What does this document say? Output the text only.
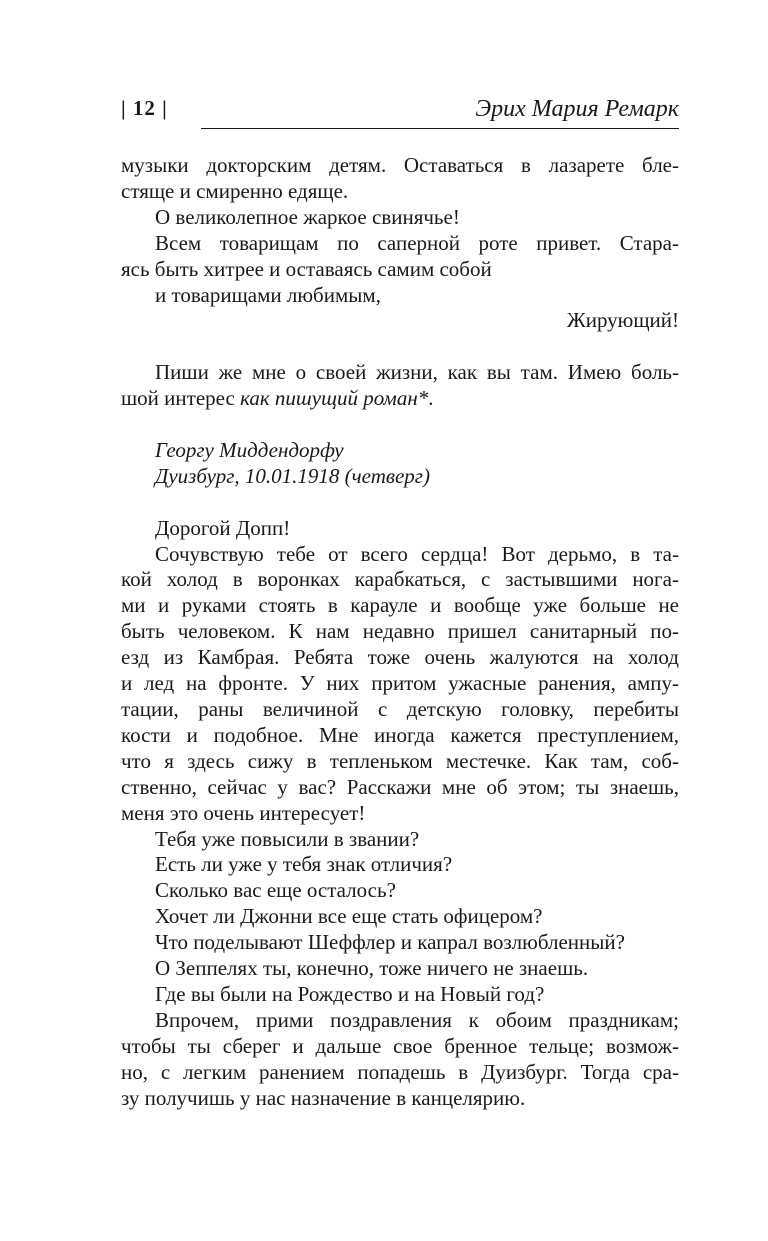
| 12 |	Эрих Мария Ремарк
музыки докторским детям. Оставаться в лазарете бле-
стяще и смиренно едяще.
О великолепное жаркое свинячье!
Всем товарищам по саперной роте привет. Стара-
ясь быть хитрее и оставаясь самим собой
и товарищами любимым,
Жирующий!
Пиши же мне о своей жизни, как вы там. Имею боль-
шой интерес как пишущий роман*.
Георгу Миддендорфу
Дуизбург, 10.01.1918 (четверг)
Дорогой Допп!
Сочувствую тебе от всего сердца! Вот дерьмо, в та-
кой холод в воронках карабкаться, с застывшими нога-
ми и руками стоять в карауле и вообще уже больше не
быть человеком. К нам недавно пришел санитарный по-
езд из Камбрая. Ребята тоже очень жалуются на холод
и лед на фронте. У них притом ужасные ранения, ампу-
тации, раны величиной с детскую головку, перебиты
кости и подобное. Мне иногда кажется преступлением,
что я здесь сижу в тепленьком местечке. Как там, соб-
ственно, сейчас у вас? Расскажи мне об этом; ты знаешь,
меня это очень интересует!
Тебя уже повысили в звании?
Есть ли уже у тебя знак отличия?
Сколько вас еще осталось?
Хочет ли Джонни все еще стать офицером?
Что поделывают Шеффлер и капрал возлюбленный?
О Зеппелях ты, конечно, тоже ничего не знаешь.
Где вы были на Рождество и на Новый год?
Впрочем, прими поздравления к обоим праздникам;
чтобы ты сберег и дальше свое бренное тельце; возмож-
но, с легким ранением попадешь в Дуизбург. Тогда сра-
зу получишь у нас назначение в канцелярию.
